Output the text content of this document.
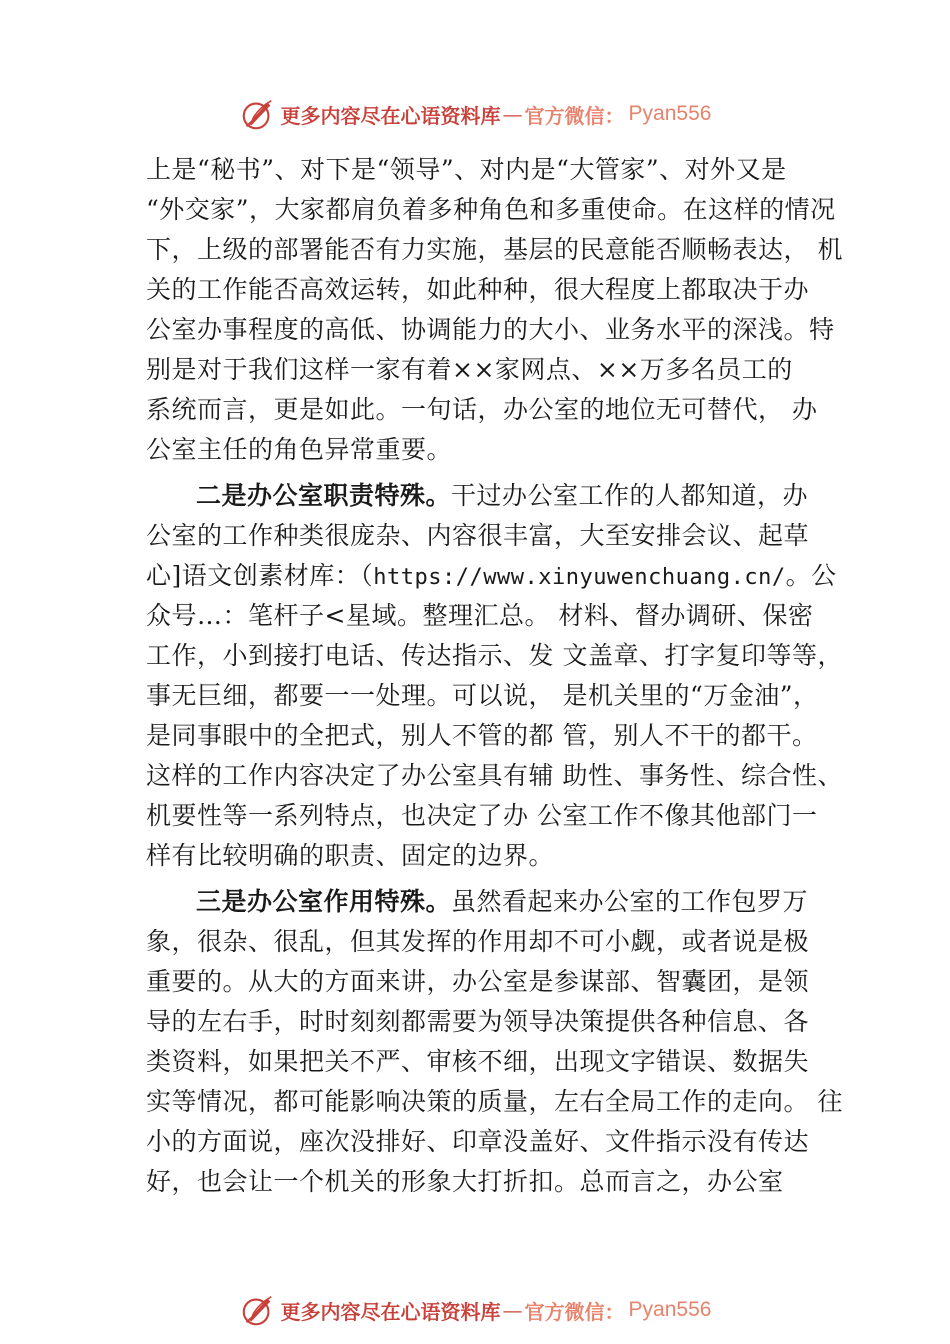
更多内容尽在心语资料库 — 官方微信： Pyan556
上是“秘书”、对下是“领导”、对内是“大管家”、对外又是
“外交家”，大家都肩负着多种角色和多重使命。在这样的情况
下，上级的部署能否有力实施，基层的民意能否顺畅表达， 机
关的工作能否高效运转，如此种种，很大程度上都取决于办
公室办事程度的高低、协调能力的大小、业务水平的深浅。特
别是对于我们这样一家有着××家网点、××万多名员工的
系统而言，更是如此。一句话，办公室的地位无可替代， 办
公室主任的角色异常重要。
二是办公室职责特殊。干过办公室工作的人都知道，办
公室的工作种类很庞杂、内容很丰富，大至安排会议、起草
心]语文创素材库：（https://www.xinyuwenchuang.cn/。公
众号…：笔杆子<星域。整理汇总。 材料、督办调研、保密
工作，小到接打电话、传达指示、发 文盖章、打字复印等等，
事无巨细，都要一一处理。可以说， 是机关里的“万金油”，
是同事眼中的全把式，别人不管的都 管，别人不干的都干。
这样的工作内容决定了办公室具有辅 助性、事务性、综合性、
机要性等一系列特点，也决定了办 公室工作不像其他部门一
样有比较明确的职责、固定的边界。
三是办公室作用特殊。虽然看起来办公室的工作包罗万
象，很杂、很乱，但其发挥的作用却不可小觑，或者说是极
重要的。从大的方面来讲，办公室是参谋部、智囊团，是领
导的左右手，时时刻刻都需要为领导决策提供各种信息、各
类资料，如果把关不严、审核不细，出现文字错误、数据失
实等情况，都可能影响决策的质量，左右全局工作的走向。 往
小的方面说，座次没排好、印章没盖好、文件指示没有传达
好，也会让一个机关的形象大打折扣。总而言之，办公室
更多内容尽在心语资料库 — 官方微信： Pyan556
